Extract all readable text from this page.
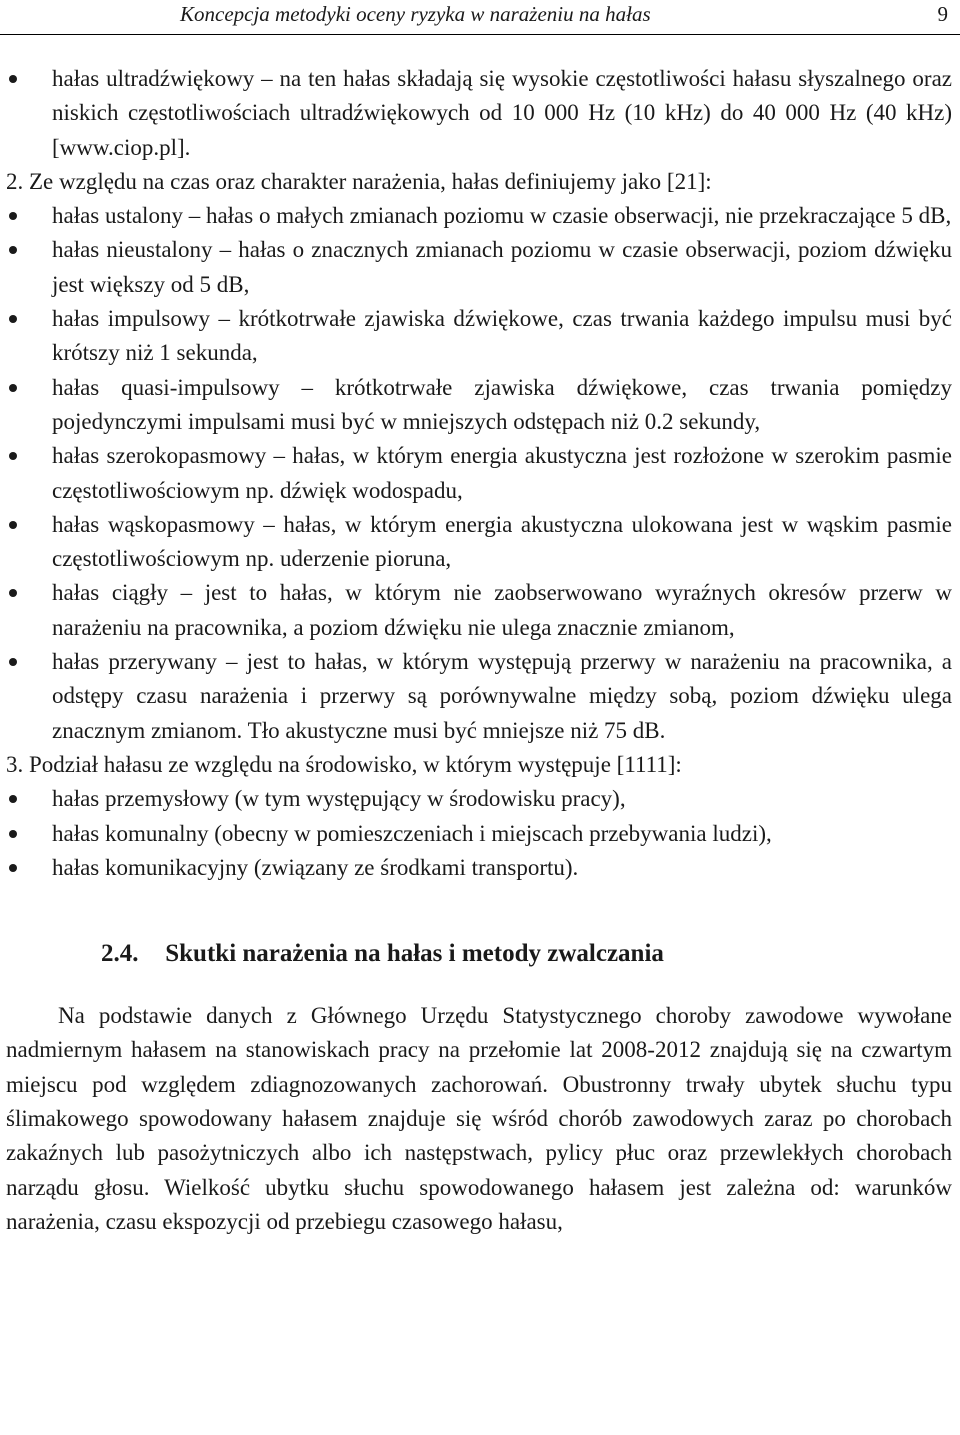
Koncepcja metodyki oceny ryzyka w narażeniu na hałas	9
hałas ultradźwiękowy – na ten hałas składają się wysokie częstotliwości hałasu słyszalnego oraz niskich częstotliwościach ultradźwiękowych od 10 000 Hz (10 kHz) do 40 000 Hz (40 kHz) [www.ciop.pl].

2. Ze względu na czas oraz charakter narażenia, hałas definiujemy jako [21]:

hałas ustalony – hałas o małych zmianach poziomu w czasie obserwacji, nie przekraczające 5 dB,
hałas nieustalony – hałas o znacznych zmianach poziomu w czasie obserwacji, poziom dźwięku jest większy od 5 dB,
hałas impulsowy – krótkotrwałe zjawiska dźwiękowe, czas trwania każdego impulsu musi być krótszy niż 1 sekunda,
hałas quasi-impulsowy – krótkotrwałe zjawiska dźwiękowe, czas trwania pomiędzy pojedynczymi impulsami musi być w mniejszych odstępach niż 0.2 sekundy,
hałas szerokopasmowy – hałas, w którym energia akustyczna jest rozłożone w szerokim pasmie częstotliwościowym np. dźwięk wodospadu,
hałas wąskopasmowy – hałas, w którym energia akustyczna ulokowana jest w wąskim pasmie częstotliwościowym np. uderzenie pioruna,
hałas ciągły – jest to hałas, w którym nie zaobserwowano wyraźnych okresów przerw w narażeniu na pracownika, a poziom dźwięku nie ulega znacznie zmianom,
hałas przerywany – jest to hałas, w którym występują przerwy w narażeniu na pracownika, a odstępy czasu narażenia i przerwy są porównywalne między sobą, poziom dźwięku ulega znacznym zmianom. Tło akustyczne musi być mniejsze niż 75 dB.

3. Podział hałasu ze względu na środowisko, w którym występuje [1111]:

hałas przemysłowy (w tym występujący w środowisku pracy),
hałas komunalny (obecny w pomieszczeniach i miejscach przebywania ludzi),
hałas komunikacyjny (związany ze środkami transportu).
2.4. Skutki narażenia na hałas i metody zwalczania

Na podstawie danych z Głównego Urzędu Statystycznego choroby zawodowe wywołane nadmiernym hałasem na stanowiskach pracy na przełomie lat 2008-2012 znajdują się na czwartym miejscu pod względem zdiagnozowanych zachorowań. Obustronny trwały ubytek słuchu typu ślimakowego spowodowany hałasem znajduje się wśród chorób zawodowych zaraz po chorobach zakaźnych lub pasożytniczych albo ich następstwach, pylicy płuc oraz przewlekłych chorobach narządu głosu. Wielkość ubytku słuchu spowodowanego hałasem jest zależna od: warunków narażenia, czasu ekspozycji od przebiegu czasowego hałasu,
